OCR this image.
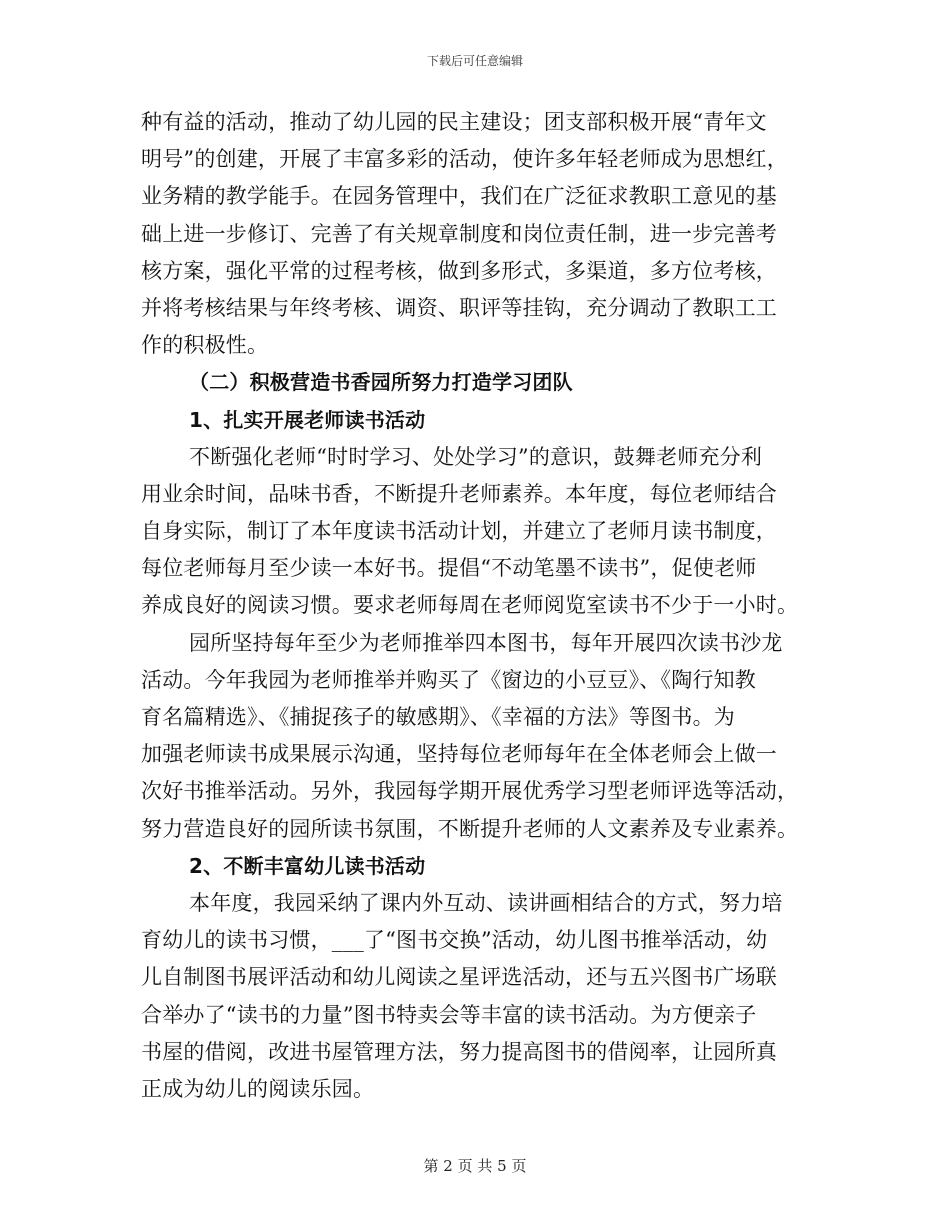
下载后可任意编辑
种有益的活动，推动了幼儿园的民主建设；团支部积极开展“青年文
明号”的创建，开展了丰富多彩的活动，使许多年轻老师成为思想红，
业务精的教学能手。在园务管理中，我们在广泛征求教职工意见的基
础上进一步修订、完善了有关规章制度和岗位责任制，进一步完善考
核方案，强化平常的过程考核，做到多形式，多渠道，多方位考核，
并将考核结果与年终考核、调资、职评等挂钩，充分调动了教职工工
作的积极性。
（二）积极营造书香园所努力打造学习团队
1、扎实开展老师读书活动
不断强化老师“时时学习、处处学习”的意识，鼓舞老师充分利
用业余时间，品味书香，不断提升老师素养。本年度，每位老师结合
自身实际，制订了本年度读书活动计划，并建立了老师月读书制度，
每位老师每月至少读一本好书。提倡“不动笔墨不读书”，促使老师
养成良好的阅读习惯。要求老师每周在老师阅览室读书不少于一小时。
园所坚持每年至少为老师推举四本图书，每年开展四次读书沙龙
活动。今年我园为老师推举并购买了《窗边的小豆豆》、《陶行知教
育名篇精选》、《捕捉孩子的敏感期》、《幸福的方法》等图书。为
加强老师读书成果展示沟通，坚持每位老师每年在全体老师会上做一
次好书推举活动。另外，我园每学期开展优秀学习型老师评选等活动，
努力营造良好的园所读书氛围，不断提升老师的人文素养及专业素养。
2、不断丰富幼儿读书活动
本年度，我园采纳了课内外互动、读讲画相结合的方式，努力培
育幼儿的读书习惯，___了“图书交换”活动，幼儿图书推举活动，幼
儿自制图书展评活动和幼儿阅读之星评选活动，还与五兴图书广场联
合举办了“读书的力量”图书特卖会等丰富的读书活动。为方便亲子
书屋的借阅，改进书屋管理方法，努力提高图书的借阅率，让园所真
正成为幼儿的阅读乐园。
第 2 页 共 5 页
